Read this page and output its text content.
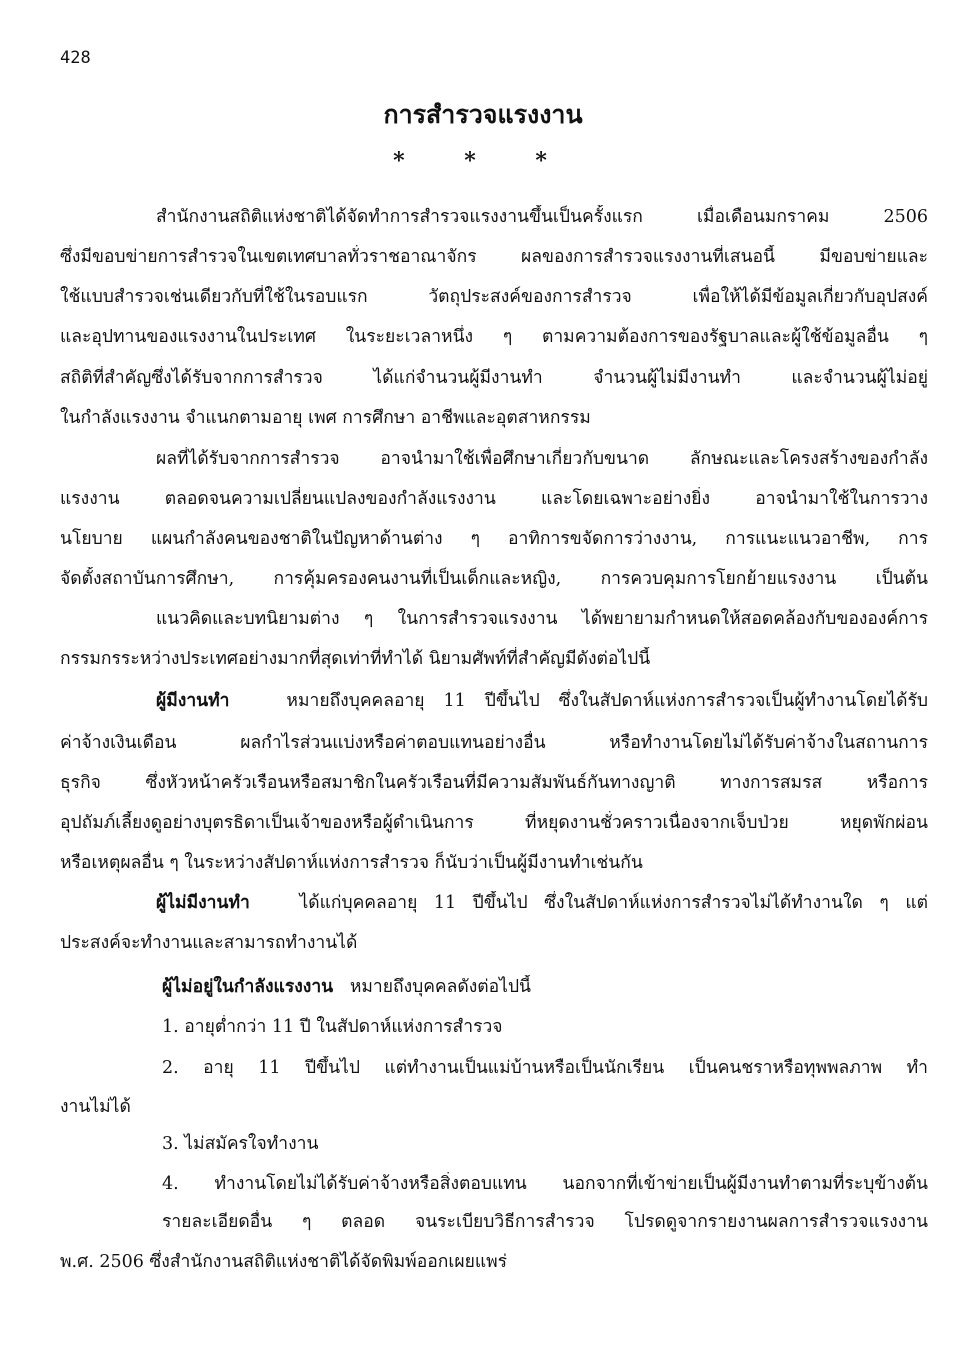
428
การสำรวจแรงงาน
* * *
สำนักงานสถิติแห่งชาติได้จัดทำการสำรวจแรงงานขึ้นเป็นครั้งแรก เมื่อเดือนมกราคม 2506
ซึ่งมีขอบข่ายการสำรวจในเขตเทศบาลทั่วราชอาณาจักร ผลของการสำรวจแรงงานที่เสนอนี้ มีขอบข่ายและ
ใช้แบบสำรวจเช่นเดียวกับที่ใช้ในรอบแรก วัตถุประสงค์ของการสำรวจ เพื่อให้ได้มีข้อมูลเกี่ยวกับอุปสงค์
และอุปทานของแรงงานในประเทศ ในระยะเวลาหนึ่ง ๆ ตามความต้องการของรัฐบาลและผู้ใช้ข้อมูลอื่น ๆ
สถิติที่สำคัญซึ่งได้รับจากการสำรวจ ได้แก่จำนวนผู้มีงานทำ จำนวนผู้ไม่มีงานทำ และจำนวนผู้ไม่อยู่
ในกำลังแรงงาน จำแนกตามอายุ เพศ การศึกษา อาชีพและอุตสาหกรรม
ผลที่ได้รับจากการสำรวจ อาจนำมาใช้เพื่อศึกษาเกี่ยวกับขนาด ลักษณะและโครงสร้างของกำลัง
แรงงาน ตลอดจนความเปลี่ยนแปลงของกำลังแรงงาน และโดยเฉพาะอย่างยิ่ง อาจนำมาใช้ในการวาง
นโยบาย แผนกำลังคนของชาติในปัญหาด้านต่าง ๆ อาทิการขจัดการว่างงาน, การแนะแนวอาชีพ, การ
จัดตั้งสถาบันการศึกษา, การคุ้มครองคนงานที่เป็นเด็กและหญิง, การควบคุมการโยกย้ายแรงงาน เป็นต้น
แนวคิดและบทนิยามต่าง ๆ ในการสำรวจแรงงาน ได้พยายามกำหนดให้สอดคล้องกับขององค์การ
กรรมกรระหว่างประเทศอย่างมากที่สุดเท่าที่ทำได้ นิยามศัพท์ที่สำคัญมีดังต่อไปนี้
ผู้มีงานทำ	หมายถึงบุคคลอายุ 11 ปีขึ้นไป ซึ่งในสัปดาห์แห่งการสำรวจเป็นผู้ทำงานโดยได้รับ
ค่าจ้างเงินเดือน ผลกำไรส่วนแบ่งหรือค่าตอบแทนอย่างอื่น หรือทำงานโดยไม่ได้รับค่าจ้างในสถานการ
ธุรกิจ ซึ่งหัวหน้าครัวเรือนหรือสมาชิกในครัวเรือนที่มีความสัมพันธ์กันทางญาติ ทางการสมรส หรือการ
อุปถัมภ์เลี้ยงดูอย่างบุตรธิดาเป็นเจ้าของหรือผู้ดำเนินการ ที่หยุดงานชั่วคราวเนื่องจากเจ็บป่วย หยุดพักผ่อน
หรือเหตุผลอื่น ๆ ในระหว่างสัปดาห์แห่งการสำรวจ ก็นับว่าเป็นผู้มีงานทำเช่นกัน
ผู้ไม่มีงานทำ	ได้แก่บุคคลอายุ 11 ปีขึ้นไป ซึ่งในสัปดาห์แห่งการสำรวจไม่ได้ทำงานใด ๆ แต่
ประสงค์จะทำงานและสามารถทำงานได้
ผู้ไม่อยู่ในกำลังแรงงาน หมายถึงบุคคลดังต่อไปนี้
1. อายุต่ำกว่า 11 ปี ในสัปดาห์แห่งการสำรวจ
2. อายุ 11 ปีขึ้นไป แต่ทำงานเป็นแม่บ้านหรือเป็นนักเรียน เป็นคนชราหรือทุพพลภาพ ทำ
งานไม่ได้
3. ไม่สมัครใจทำงาน
4. ทำงานโดยไม่ได้รับค่าจ้างหรือสิ่งตอบแทน นอกจากที่เข้าข่ายเป็นผู้มีงานทำตามที่ระบุข้างต้น
รายละเอียดอื่น ๆ ตลอด จนระเบียบวิธีการสำรวจ โปรดดูจากรายงานผลการสำรวจแรงงาน
พ.ศ. 2506 ซึ่งสำนักงานสถิติแห่งชาติได้จัดพิมพ์ออกเผยแพร่
